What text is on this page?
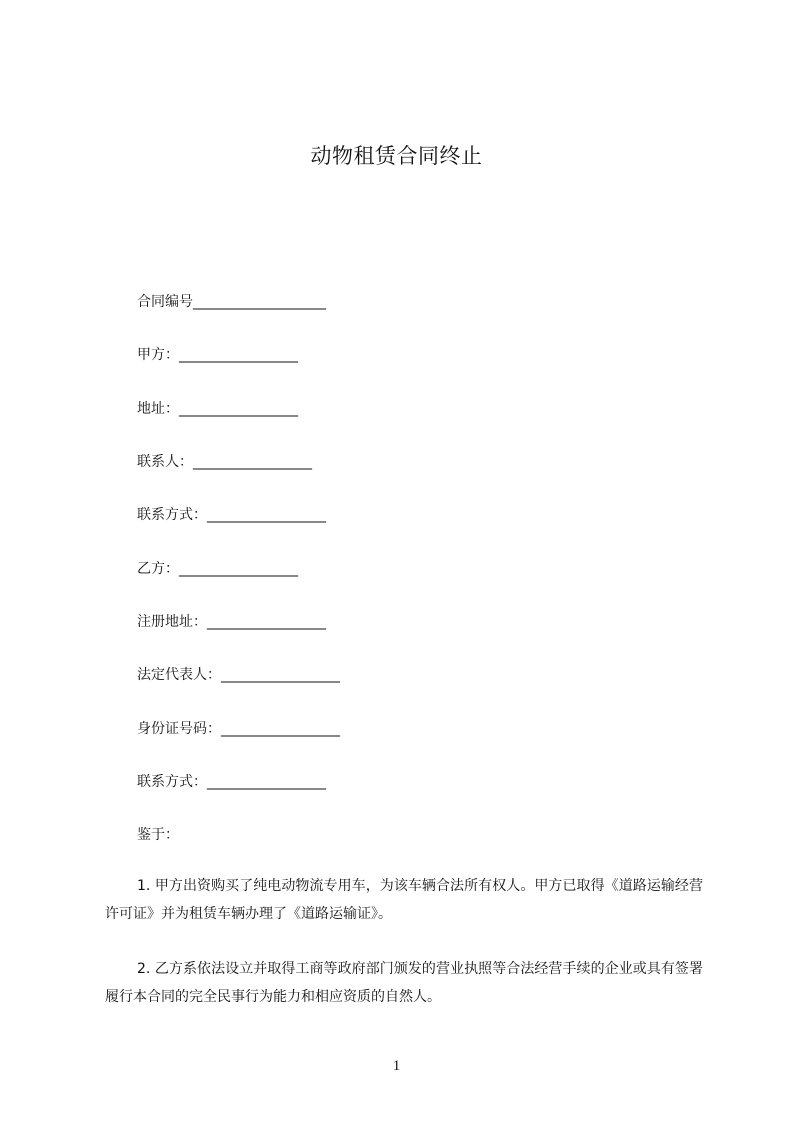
动物租赁合同终止
合同编号___________________
甲方：_________________
地址：_________________
联系人：_________________
联系方式：_________________
乙方：_________________
注册地址：_________________
法定代表人：_________________
身份证号码：_________________
联系方式：_________________
鉴于：

1. 甲方出资购买了纯电动物流专用车，为该车辆合法所有权人。甲方已取得《道路运输经营许可证》并为租赁车辆办理了《道路运输证》。

2. 乙方系依法设立并取得工商等政府部门颁发的营业执照等合法经营手续的企业或具有签署履行本合同的完全民事行为能力和相应资质的自然人。

1
